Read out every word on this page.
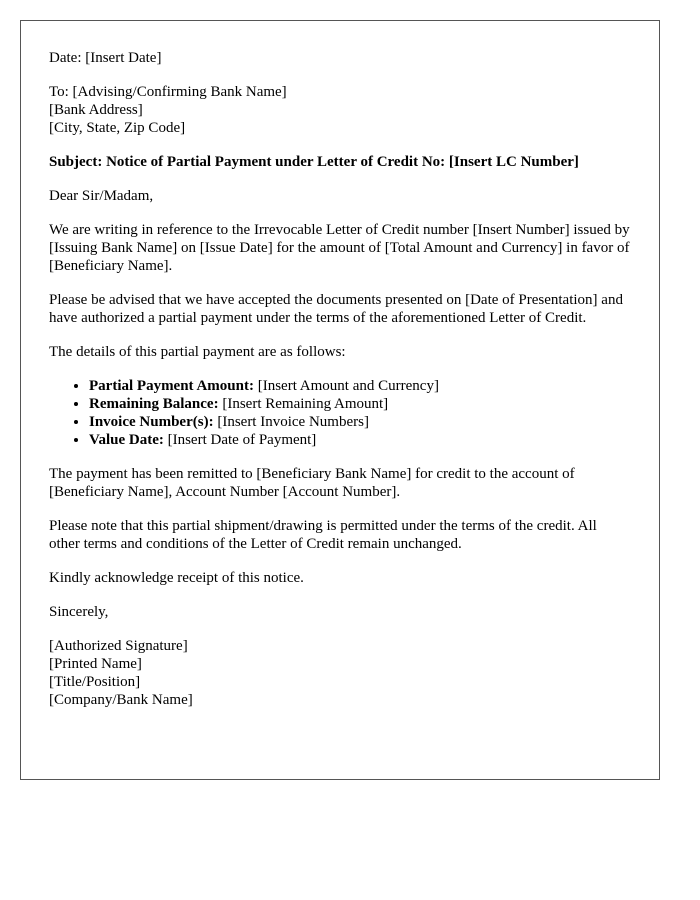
Date: [Insert Date]

To: [Advising/Confirming Bank Name]
[Bank Address]
[City, State, Zip Code]

Subject: Notice of Partial Payment under Letter of Credit No: [Insert LC Number]

Dear Sir/Madam,

We are writing in reference to the Irrevocable Letter of Credit number [Insert Number] issued by [Issuing Bank Name] on [Issue Date] for the amount of [Total Amount and Currency] in favor of [Beneficiary Name].

Please be advised that we have accepted the documents presented on [Date of Presentation] and have authorized a partial payment under the terms of the aforementioned Letter of Credit.

The details of this partial payment are as follows:

• Partial Payment Amount: [Insert Amount and Currency]
• Remaining Balance: [Insert Remaining Amount]
• Invoice Number(s): [Insert Invoice Numbers]
• Value Date: [Insert Date of Payment]

The payment has been remitted to [Beneficiary Bank Name] for credit to the account of [Beneficiary Name], Account Number [Account Number].

Please note that this partial shipment/drawing is permitted under the terms of the credit. All other terms and conditions of the Letter of Credit remain unchanged.

Kindly acknowledge receipt of this notice.

Sincerely,

[Authorized Signature]
[Printed Name]
[Title/Position]
[Company/Bank Name]
